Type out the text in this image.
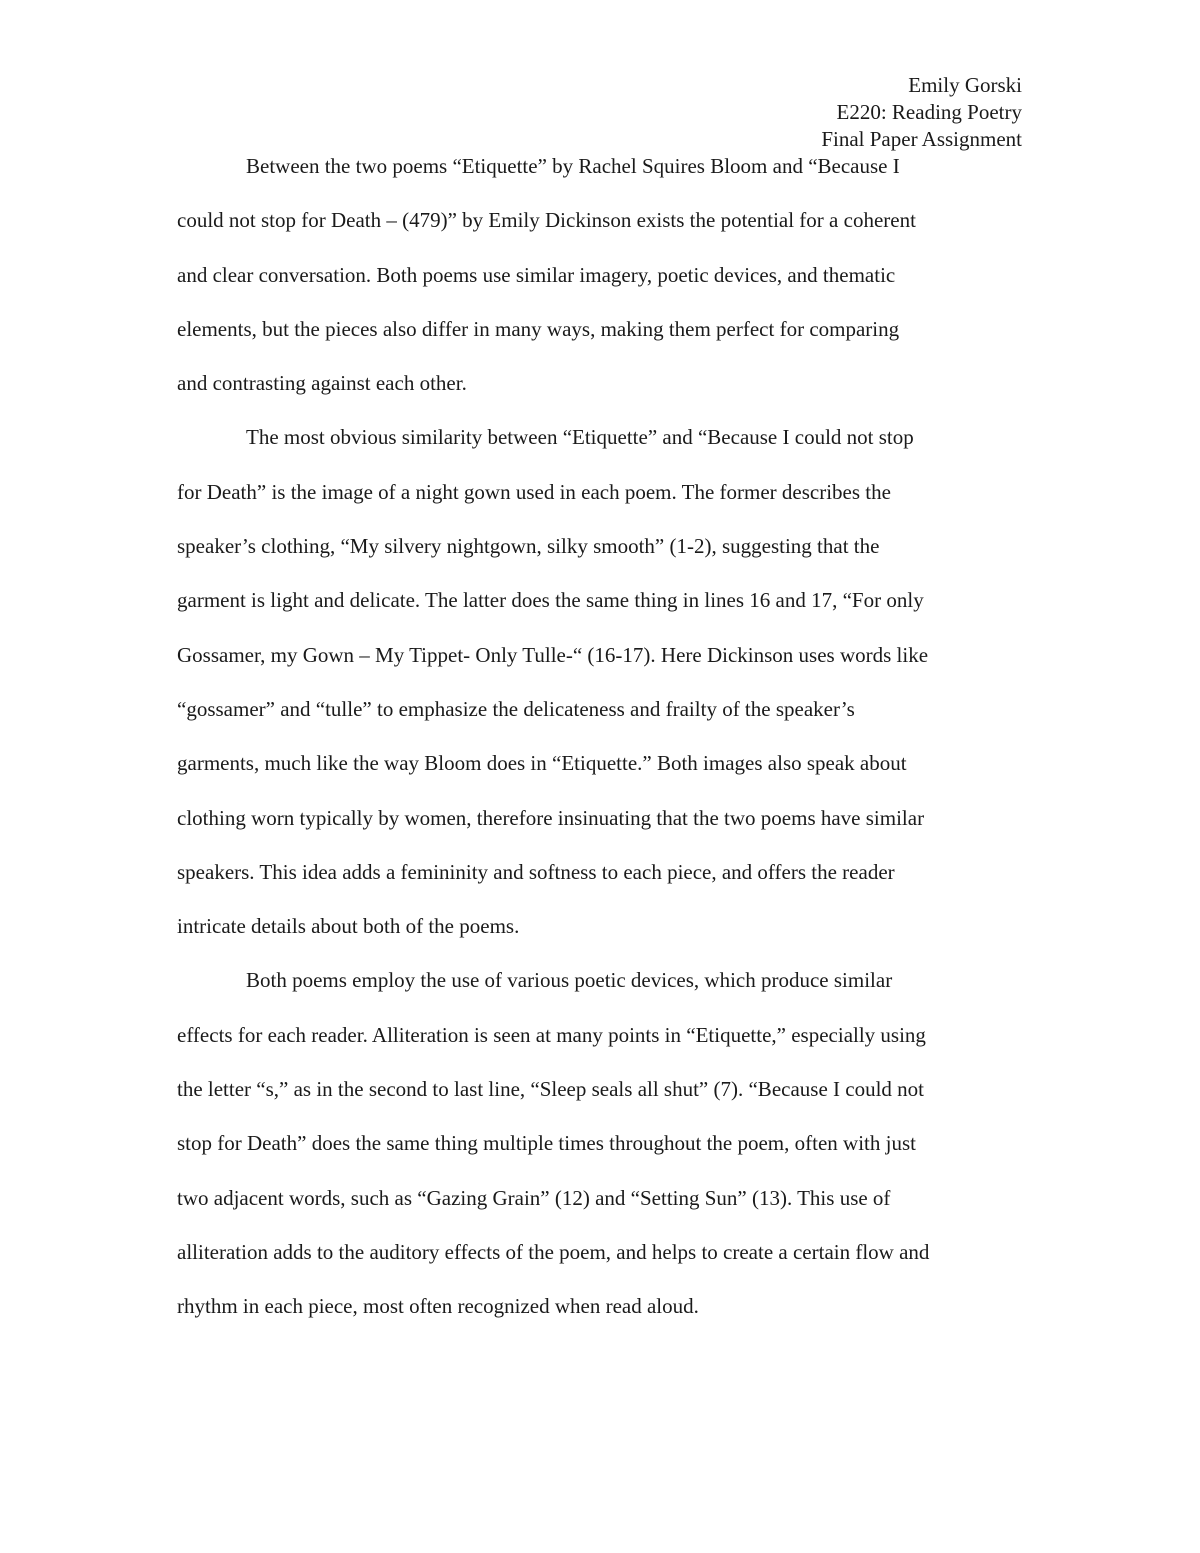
Emily Gorski
E220: Reading Poetry
Final Paper Assignment
Between the two poems “Etiquette” by Rachel Squires Bloom and “Because I
could not stop for Death – (479)” by Emily Dickinson exists the potential for a coherent
and clear conversation. Both poems use similar imagery, poetic devices, and thematic
elements, but the pieces also differ in many ways, making them perfect for comparing
and contrasting against each other.
The most obvious similarity between “Etiquette” and “Because I could not stop
for Death” is the image of a night gown used in each poem. The former describes the
speaker’s clothing, “My silvery nightgown, silky smooth” (1-2), suggesting that the
garment is light and delicate. The latter does the same thing in lines 16 and 17, “For only
Gossamer, my Gown – My Tippet- Only Tulle-“ (16-17). Here Dickinson uses words like
“gossamer” and “tulle” to emphasize the delicateness and frailty of the speaker’s
garments, much like the way Bloom does in “Etiquette.” Both images also speak about
clothing worn typically by women, therefore insinuating that the two poems have similar
speakers. This idea adds a femininity and softness to each piece, and offers the reader
intricate details about both of the poems.
Both poems employ the use of various poetic devices, which produce similar
effects for each reader. Alliteration is seen at many points in “Etiquette,” especially using
the letter “s,” as in the second to last line, “Sleep seals all shut” (7). “Because I could not
stop for Death” does the same thing multiple times throughout the poem, often with just
two adjacent words, such as “Gazing Grain” (12) and “Setting Sun” (13). This use of
alliteration adds to the auditory effects of the poem, and helps to create a certain flow and
rhythm in each piece, most often recognized when read aloud.
